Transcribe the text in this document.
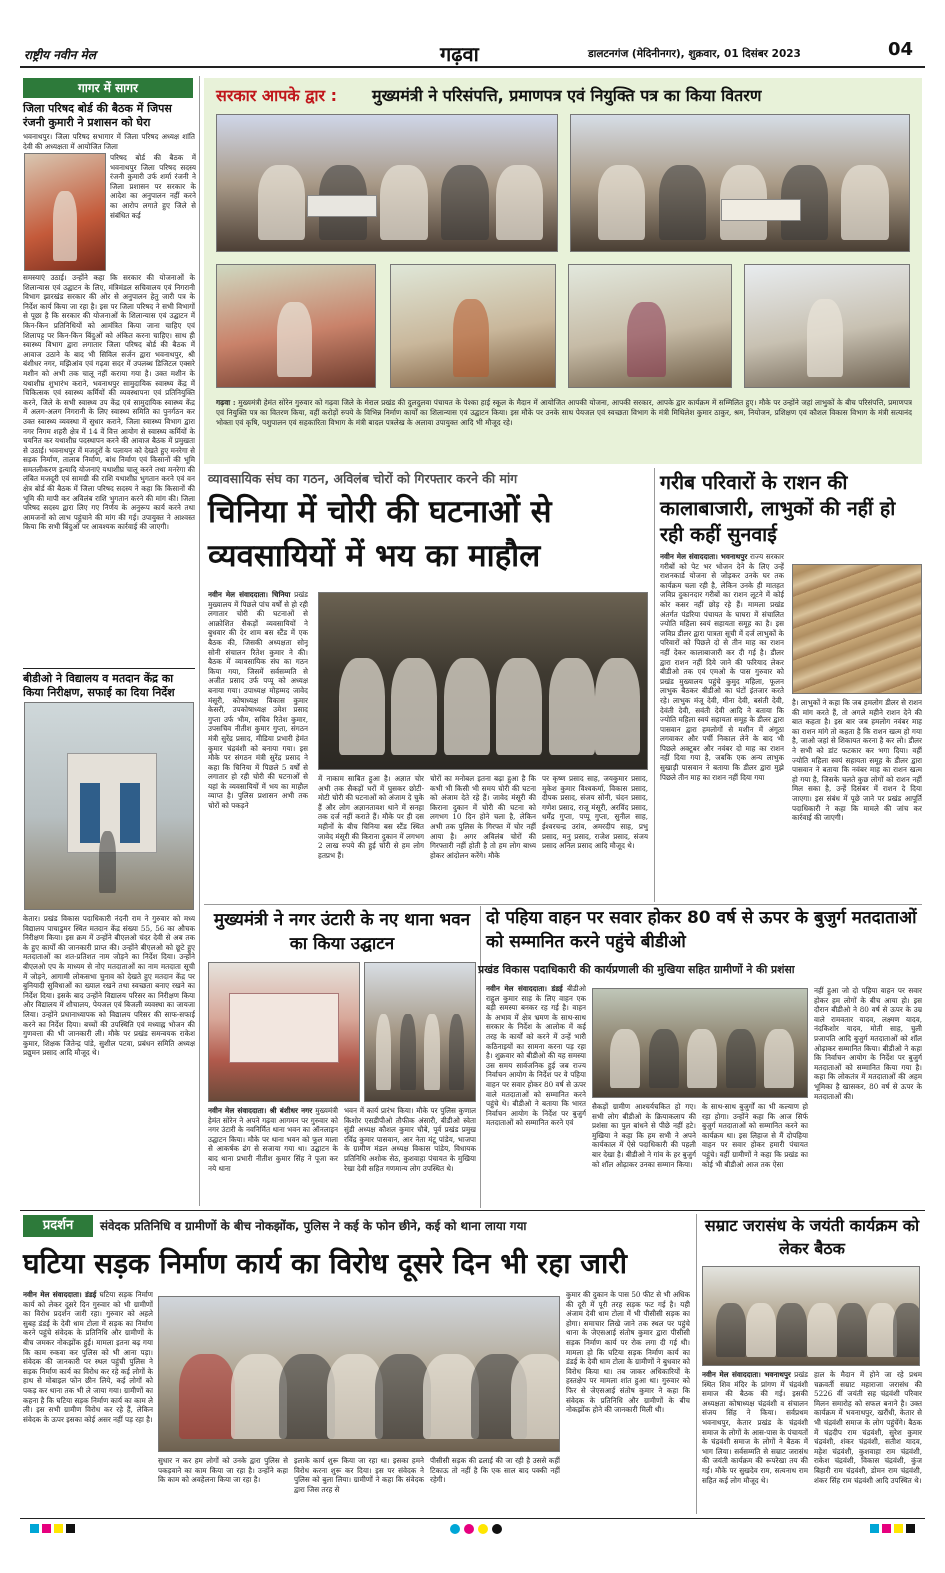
राष्ट्रीय नवीन मेल	गढ़वा	डालटनगंज (मेदिनीनगर), शुक्रवार, 01 दिसंबर 2023	04
गागर में सागर
जिला परिषद बोर्ड की बैठक में जिपस रंजनी कुमारी ने प्रशासन को घेरा
भवनाथपुर। जिला परिषद सभागार में जिला परिषद अध्यक्ष शांति देवी की अध्यक्षता में आयोजित जिला
परिषद बोर्ड की बैठक में भवनाथपुर जिला परिषद सदस्य रंजनी कुमारी उर्फ शर्मा रंजनी ने जिला प्रशासन पर सरकार के आदेश का अनुपालन नहीं करने का आरोप लगाते हुए जिले से संबंधित कई
समस्याएं उठाई। उन्होंने कहा कि सरकार की योजनाओं के शिलान्यास एवं उद्घाटन के लिए, मंत्रिमंडल सचिवालय एवं निगरानी विभाग झारखंड सरकार की ओर से अनुपालन हेतु जारी पत्र के निर्देश कार्य किया जा रहा है। इस पर जिला परिषद ने सभी विभागों से पूछा है कि सरकार की योजनाओं के शिलान्यास एवं उद्घाटन में किन-किन प्रतिनिधियों को आमंत्रित किया जाना चाहिए एवं शिलापट्ट पर किन-किन बिंदुओं को अंकित करना चाहिए। साथ ही स्वास्थ्य विभाग द्वारा लगातार जिला परिषद बोर्ड की बैठक में आवाज उठाने के बाद भी सिविल सर्जन द्वारा भवनाथपुर, श्री बंशीधर नगर, मझिआंव एवं गढ़वा सदर में उपलब्ध डिजिटल एक्सरे मशीन को अभी तक चालू नहीं कराया गया है। उक्त मशीन के यथाशीघ्र शुभारंभ कराने, भवनाथपुर सामुदायिक स्वास्थ्य केंद्र में चिकित्सक एवं स्वास्थ्य कर्मियों की व्यवस्थापना एवं प्रतिनियुक्ति करने, जिले के सभी स्वास्थ्य उप केंद्र एवं सामुदायिक स्वास्थ्य केंद्र में अलग-अलग निगरानी के लिए स्वास्थ्य समिति का पुनर्गठन कर उक्त स्वास्थ्य व्यवस्था में सुधार कराने, जिला स्वास्थ्य विभाग द्वारा नगर निगम शहरी क्षेत्र में 14 वें वित्त आयोग से स्वास्थ्य कर्मियों के चयनित कर यथाशीघ्र पदस्थापन करने की आवाज बैठक में प्रमुखता से उठाई। भवनाथपुर में मजदूरों के पलायन को देखते हुए मनरेगा से सड़क निर्माण, तालाब निर्माण, बांध निर्माण एवं किसानों की भूमि समतलीकरण इत्यादि योजनाएं यथाशीघ्र चालू करने तथा मनरेगा की लंबित मजदूरी एवं सामग्री की राशि यथाशीघ्र भुगतान करने एवं वन क्षेत्र बोर्ड की बैठक में जिला परिषद सदस्य ने कहा कि किसानों की भूमि की मापी कर अविलंब राशि भुगतान करने की मांग की। जिला परिषद सदस्य द्वारा लिए गए निर्णय के अनुरूप कार्य करने तथा आमजनों को लाभ पहुंचाने की मांग की गई। उपायुक्त ने आश्वस्त किया कि सभी बिंदुओं पर आवश्यक कार्रवाई की जाएगी।
बीडीओ ने विद्यालय व मतदान केंद्र का किया निरीक्षण, सफाई का दिया निर्देश
केतार। प्रखंड विकास पदाधिकारी नंदनी राम ने गुरुवार को मध्य विद्यालय पाचाडुमर स्थित मतदान केंद्र संख्या 55, 56 का औचक निरीक्षण किया। इस क्रम में उन्होंने बीएलओ चंदर देवी से अब तक के हुए कार्यों की जानकारी प्राप्त की। उन्होंने बीएलओ को छूटे हुए मतदाताओं का शत-प्रतिशत नाम जोड़ने का निर्देश दिया। उन्होंने बीएलओ एप के माध्यम से नोए मतदाताओं का नाम मतदाता सूची में जोड़ने, आगामी लोकसभा चुनाव को देखते हुए मतदान केंद्र पर बुनियादी सुविधाओं का ख्याल रखने तथा स्वच्छता बनाए रखने का निर्देश दिया। इसके बाद उन्होंने विद्यालय परिसर का निरीक्षण किया और विद्यालय में शौचालय, पेयजल एवं बिजली व्यवस्था का जायजा लिया। उन्होंने प्रधानाध्यापक को विद्यालय परिसर की साफ-सफाई करने का निर्देश दिया। बच्चों की उपस्थिति एवं मध्याह्न भोजन की गुणवत्ता की भी जानकारी ली। मौके पर प्रखंड समन्वयक राकेश कुमार, शिक्षक जितेन्द्र पांडे, सुशील पटवा, प्रबंधन समिति अध्यक्ष प्रद्युमन प्रसाद आदि मौजूद थे।
सरकार आपके द्वार : मुख्यमंत्री ने परिसंपत्ति, प्रमाणपत्र एवं नियुक्ति पत्र का किया वितरण
गढ़वा : मुख्यमंत्री हेमंत सोरेन गुरुवार को गढ़वा जिले के मेराल प्रखंड की दुलदुलवा पंचायत के पेश्का हाई स्कूल के मैदान में आयोजित आपकी योजना, आपकी सरकार, आपके द्वार कार्यक्रम में सम्मिलित हुए। मौके पर उन्होंने जहां लाभुकों के बीच परिसंपत्ति, प्रमाणपत्र एवं नियुक्ति पत्र का वितरण किया, वहीं करोड़ों रुपये के विभिन्न निर्माण कार्यों का शिलान्यास एवं उद्घाटन किया। इस मौके पर उनके साथ पेयजल एवं स्वच्छता विभाग के मंत्री मिथिलेश कुमार ठाकुर, श्रम, नियोजन, प्रशिक्षण एवं कौशल विकास विभाग के मंत्री सत्यानंद भोक्ता एवं कृषि, पशुपालन एवं सहकारिता विभाग के मंत्री बादल पत्रलेख के अलावा उपायुक्त आदि भी मौजूद रहे।
व्यावसायिक संघ का गठन, अविलंब चोरों को गिरफ्तार करने की मांग
चिनिया में चोरी की घटनाओं से व्यवसायियों में भय का माहौल
नवीन मेल संवाददाता। चिनिया प्रखंड मुख्यालय में पिछले पांच वर्षों से हो रही लगातार चोरी की घटनाओं से आक्रोशित सैकड़ों व्यवसायियों ने बुधवार की देर शाम बस स्टैंड में एक बैठक की, जिसकी अध्यक्षता सोनू सोनी संचालन रितेश कुमार ने की। बैठक में व्यावसायिक संघ का गठन किया गया, जिसमें सर्वसम्मति से अजीत प्रसाद उर्फ पप्पू को अध्यक्ष बनाया गया। उपाध्यक्ष मोहम्मद जावेद मंसूरी, कोषाध्यक्ष विकास कुमार केसरी, उपकोषाध्यक्ष उमेश प्रसाद गुप्ता उर्फ भीम, सचिव रितेश कुमार, उपसचिव नीतीश कुमार गुप्ता, संगठन मंत्री सुरेंद्र प्रसाद, मीडिया प्रभारी हेमंत कुमार चंद्रवंशी को बनाया गया। इस मौके पर संगठन मंत्री सुरेंद्र प्रसाद ने कहा कि चिनिया में पिछले 5 वर्षों से लगातार हो रही चोरी की घटनाओं से यहां के व्यवसायियों में भय का माहौल व्याप्त है। पुलिस प्रशासन अभी तक चोरों को पकड़ने
में नाकाम साबित हुआ है। अज्ञात चोर अभी तक सैकड़ों घरों में घुसकर छोटी-मोटी चोरी की घटनाओं को अंजाम दे चुके हैं और लोग अज्ञानतावश थाने में सनहा तक दर्ज नहीं कराते हैं। मौके पर ही दस महीनों के बीच चिनिया बस स्टैंड स्थित जावेद मंसूरी की किराना दुकान में लगभग 2 लाख रुपये की हुई चोरी से हम लोग हतप्रभ हैं।
चोरों का मनोबल इतना बढ़ा हुआ है कि कभी भी किसी भी समय चोरी की घटना को अंजाम देते रहे हैं। जावेद मंसूरी की किराना दुकान में चोरी की घटना को लगभग 10 दिन होने चला है, लेकिन अभी तक पुलिस के गिरफ्त में चोर नहीं आया है। अगर अविलंब चोरों की गिरफ्तारी नहीं होती है तो हम लोग बाध्य होकर आंदोलन करेंगे। मौके
पर कृष्ण प्रसाद साह, जयकुमार प्रसाद, मुकेश कुमार विश्वकर्मा, विकास प्रसाद, दीपक प्रसाद, संजय सोनी, चंदन प्रसाद, गणेश प्रसाद, राजू मंसूरी, अरविंद प्रसाद, धर्मेंद्र गुप्ता, पप्पू गुप्ता, सुनील साह, ईश्वरचन्द्र उरांव, अमरदीप साह, प्रभु प्रसाद, मनु प्रसाद, राजेश प्रसाद, संजय प्रसाद अनिल प्रसाद आदि मौजूद थे।
गरीब परिवारों के राशन की कालाबाजारी, लाभुकों की नहीं हो रही कहीं सुनवाई
नवीन मेल संवाददाता। भवनाथपुर राज्य सरकार गरीबों को पेट भर भोजन देने के लिए उन्हें राशनकार्ड योजना से जोड़कर उनके घर तक कार्यक्रम चला रही है, लेकिन उनके ही मातहत जविप्र दुकानदार गरीबों का राशन लूटने में कोई कोर कसर नहीं छोड़ रहे हैं। मामला प्रखंड अंतर्गत पंडरिया पंचायत के घाघरा में संचालित ज्योति महिला स्वयं सहायता समूह का है। इस जविप्र डीलर द्वारा पात्रता सूची में दर्ज लाभुकों के परिवारों को पिछले दो से तीन माह का राशन नहीं देकर कालाबाजारी कर दी गई है। डीलर द्वारा राशन नहीं दिये जाने की फरियाद लेकर बीडीओ तक एवं एमओ के पास गुरुवार को प्रखंड मुख्यालय पहुंचे कुमुद महिला, फूलन लाभुक बैठकर बीडीओ का घंटों इंतजार करते रहे। लाभुक मंजू देवी, मीना देवी, बसंती देवी, देवंती देवी, सवंती देवी आदि ने बताया कि ज्योति महिला स्वयं सहायता समूह के डीलर द्वारा पासवान द्वारा हमलोगों से मशीन में अंगूठा लगवाकर और पर्ची निकाल लेने के बाद भी पिछले अक्टूबर और नवंबर दो माह का राशन नहीं दिया गया है, जबकि एक अन्य लाभुक सुखाड़ी पासवान ने बताया कि डीलर द्वारा मुझे पिछले तीन माह का राशन नहीं दिया गया
है। लाभुकों ने कहा कि जब हमलोग डीलर से राशन की मांग करते हैं, तो अगले महीने राशन देने की बात कहता है। इस बार जब हमलोग नवंबर माह का राशन मांगे तो कहता है कि राशन खत्म हो गया है, जाओ जहां से शिकायत करना है कर लो। डीलर ने सभी को डांट फटकार कर भगा दिया। वहीं ज्योति महिला स्वयं सहायता समूह के डीलर द्वारा पासवान ने बताया कि नवंबर माह का राशन खत्म हो गया है, जिसके चलते कुछ लोगों को राशन नहीं मिल सका है, उन्हें दिसंबर में राशन दे दिया जाएगा। इस संबंध में पूछे जाने पर प्रखंड आपूर्ति पदाधिकारी ने कहा कि मामले की जांच कर कार्रवाई की जाएगी।
मुख्यमंत्री ने नगर उंटारी के नए थाना भवन का किया उद्घाटन
नवीन मेल संवाददाता। श्री बंशीधर नगर मुख्यमंत्री हेमंत सोरेन ने अपने गढ़वा आगमन पर गुरुवार को नगर उंटारी के नवनिर्मित थाना भवन का ऑनलाइन उद्घाटन किया। मौके पर थाना भवन को फूल माला से आकर्षक ढंग से सजाया गया था। उद्घाटन के बाद थाना प्रभारी नीतीश कुमार सिंह ने पूजा कर नये थाना
भवन में कार्य प्रारंभ किया। मौके पर पुलिस कुणाल किशोर एसडीपीओ तौफीक अंसारी, बीडीओ स्वेता सुंडी अध्यक्ष कौशल कुमार चौबे, पूर्व प्रखंड प्रमुख रविंद्र कुमार पासवान, आर नेता मंटू पांडेय, भाजपा के ग्रामीण मंडल अध्यक्ष विकास पांडेय, विधायक प्रतिनिधि अशोक सेठ, कुशवाहा पंचायत के मुखिया रेखा देवी सहित गणमान्य लोग उपस्थित थे।
दो पहिया वाहन पर सवार होकर 80 वर्ष से ऊपर के बुजुर्ग मतदाताओं को सम्मानित करने पहुंचे बीडीओ
प्रखंड विकास पदाधिकारी की कार्यप्रणाली की मुखिया सहित ग्रामीणों ने की प्रशंसा
नवीन मेल संवाददाता। डंडई बीडीओ राहुल कुमार साह के लिए वाहन एक बड़ी समस्या बनकर रह गई है। वाहन के अभाव में क्षेत्र भ्रमण के साथ-साथ सरकार के निर्देश के आलोक में कई तरह के कार्यों को करने में उन्हें भारी कठिनाइयों का सामना करना पड़ रहा है। शुक्रवार को बीडीओ की यह समस्या उस समय सार्वजनिक हुई जब राज्य निर्वाचन आयोग के निर्देश पर वे पहिया वाहन पर सवार होकर 80 वर्ष से ऊपर वाले मतदाताओं को सम्मानित करने पहुंचे थे। बीडीओ ने बताया कि भारत निर्वाचन आयोग के निर्देश पर बुजुर्ग मतदाताओं को सम्मानित करने एवं
सैकड़ों ग्रामीण आश्चर्यचकित हो गए। सभी लोग बीडीओ के क्रियाकलाप की प्रशंसा का पुल बांधने से पीछे नहीं हटे। मुखिया ने कहा कि हम सभी ने अपने कार्यकाल में ऐसे पदाधिकारी की पहली बार देखा है। बीडीओ ने गांव के हर बुजुर्ग को शॉल ओढ़ाकर उनका सम्मान किया।
के साथ-साथ बुजुर्गों का भी कल्याण हो रहा होगा। उन्होंने कहा कि आज सिर्फ बुजुर्ग मतदाताओं को सम्मानित करने का कार्यक्रम था। इस लिहाज से मैं दोपहिया वाहन पर सवार होकर हमारी पंचायत पहुंचे। वहीं ग्रामीणों ने कहा कि प्रखंड का कोई भी बीडीओ आज तक ऐसा
नहीं हुआ जो दो पहिया वाहन पर सवार होकर हम लोगों के बीच आया हो। इस दौरान बीडीओ ने 80 वर्ष से ऊपर के उम्र वाले रामवतार यादव, लक्ष्मण यादव, नंदकिशोर यादव, मोती साह, चुली प्रजापति आदि बुजुर्ग मतदाताओं को शॉल ओढ़ाकर सम्मानित किया। बीडीओ ने कहा कि निर्वाचन आयोग के निर्देश पर बुजुर्ग मतदाताओं को सम्मानित किया गया है। कहा कि लोकतंत्र में मतदाताओं की अहम भूमिका है खासकर, 80 वर्ष से ऊपर के मतदाताओं की।
प्रदर्शन	संवेदक प्रतिनिधि व ग्रामीणों के बीच नोकझोंक, पुलिस ने कई के फोन छीने, कई को थाना लाया गया
घटिया सड़क निर्माण कार्य का विरोध दूसरे दिन भी रहा जारी
नवीन मेल संवाददाता। डंडई घटिया सड़क निर्माण कार्य को लेकर दूसरे दिन गुरुवार को भी ग्रामीणों का विरोध प्रदर्शन जारी रहा। गुरुवार को अहले सुबह डंडई के देवी धाम टोला में सड़क का निर्माण करने पहुंचे संवेदक के प्रतिनिधि और ग्रामीणों के बीच जमकर नोकझोंक हुई। मामला इतना बढ़ गया कि काम रुकवा कर पुलिस को भी आना पड़ा। संवेदक की जानकारी पर स्थल पहुंची पुलिस ने सड़क निर्माण कार्य का विरोध कर रहे कई लोगों के हाथ से मोबाइल फोन छीन लिये, कई लोगों को पकड़ कर थाना तक भी ले जाया गया। ग्रामीणों का कहना है कि घटिया सड़क निर्माण कार्य का काम ले ली। इस सभी ग्रामीण विरोध कर रहे हैं, लेकिन संवेदक के ऊपर इसका कोई असर नहीं पड़ रहा है।
सुधार न कर हम लोगों को उनके द्वारा पुलिस से पकड़वाने का काम किया जा रहा है। उन्होंने कहा कि काम को अवहेलना किया जा रहा है।
इलाके कार्य शुरू किया जा रहा था। इसका हमने विरोध करना शुरू कर दिया। इस पर संवेदक ने पुलिस को बुला लिया। ग्रामीणों ने कहा कि संवेदक द्वारा जिस तरह से
पीसीसी सड़क की ढलाई की जा रही है उससे कहीं टिकाऊ तो नहीं है कि एक साल बाद पक्की नहीं रहेगी।
कुमार की दुकान के पास 50 फीट से भी अधिक की दूरी में पूरी तरह सड़क फट गई है। यही अंजाम देवी धाम टोला में भी पीसीसी सड़क का होगा। समाचार लिखे जाने तक स्थल पर पहुंचे थाना के जेएसआई संतोष कुमार द्वारा पीसीसी सड़क निर्माण कार्य पर रोक लगा दी गई थी। मामला हो कि घटिया सड़क निर्माण कार्य का डंडई के देवी धाम टोला के ग्रामीणों ने बुधवार को विरोध किया था। तब जाकर अधिकारियों के हस्तक्षेप पर मामला शांत हुआ था। गुरुवार को फिर से जेएसआई संतोष कुमार ने कहा कि संवेदक के प्रतिनिधि और ग्रामीणों के बीच नोकझोंक होने की जानकारी मिली थी।
सम्राट जरासंध के जयंती कार्यक्रम को लेकर बैठक
नवीन मेल संवाददाता। भवनाथपुर प्रखंड स्थित शिव मंदिर के प्रांगण में चंद्रवंशी समाज की बैठक की गई। इसकी अध्यक्षता कोषाध्यक्ष चंद्रवंशी व संचालन संजय सिंह ने किया। सर्वप्रथम भवनाथपुर, केतार प्रखंड के चंद्रवंशी समाज के लोगों के आस-पास के पंचायतों के चंद्रवंशी समाज के लोगों ने बैठक में भाग लिया। सर्वसम्मति से सम्राट जरासंध की जयंती कार्यक्रम की रूपरेखा तय की गई। मौके पर सुखदेव राम, सत्यनाथ राम सहित कई लोग मौजूद थे।
हाल के मैदान में होने जा रहे प्रथम चक्रवर्ती सम्राट महाराजा जरासंध की 5226 वीं जयंती सह चंद्रवंशी परिवार मिलन समारोह को सफल बनाने है। उक्त कार्यक्रम में भवनाथपुर, खरौंधी, केतार से भी चंद्रवंशी समाज के लोग पहुंचेंगे। बैठक में चंद्रदीप राम चंद्रवंशी, सुरेश कुमार चंद्रवंशी, शंकर चंद्रवंशी, सतीश यादव, महेश चंद्रवंशी, कुशवाहा राम चंद्रवंशी, राकेश चंद्रवंशी, विकास चंद्रवंशी, कुंज बिहारी राम चंद्रवंशी, डोमन राम चंद्रवंशी, शंकर सिंह राम चंद्रवंशी आदि उपस्थित थे।
